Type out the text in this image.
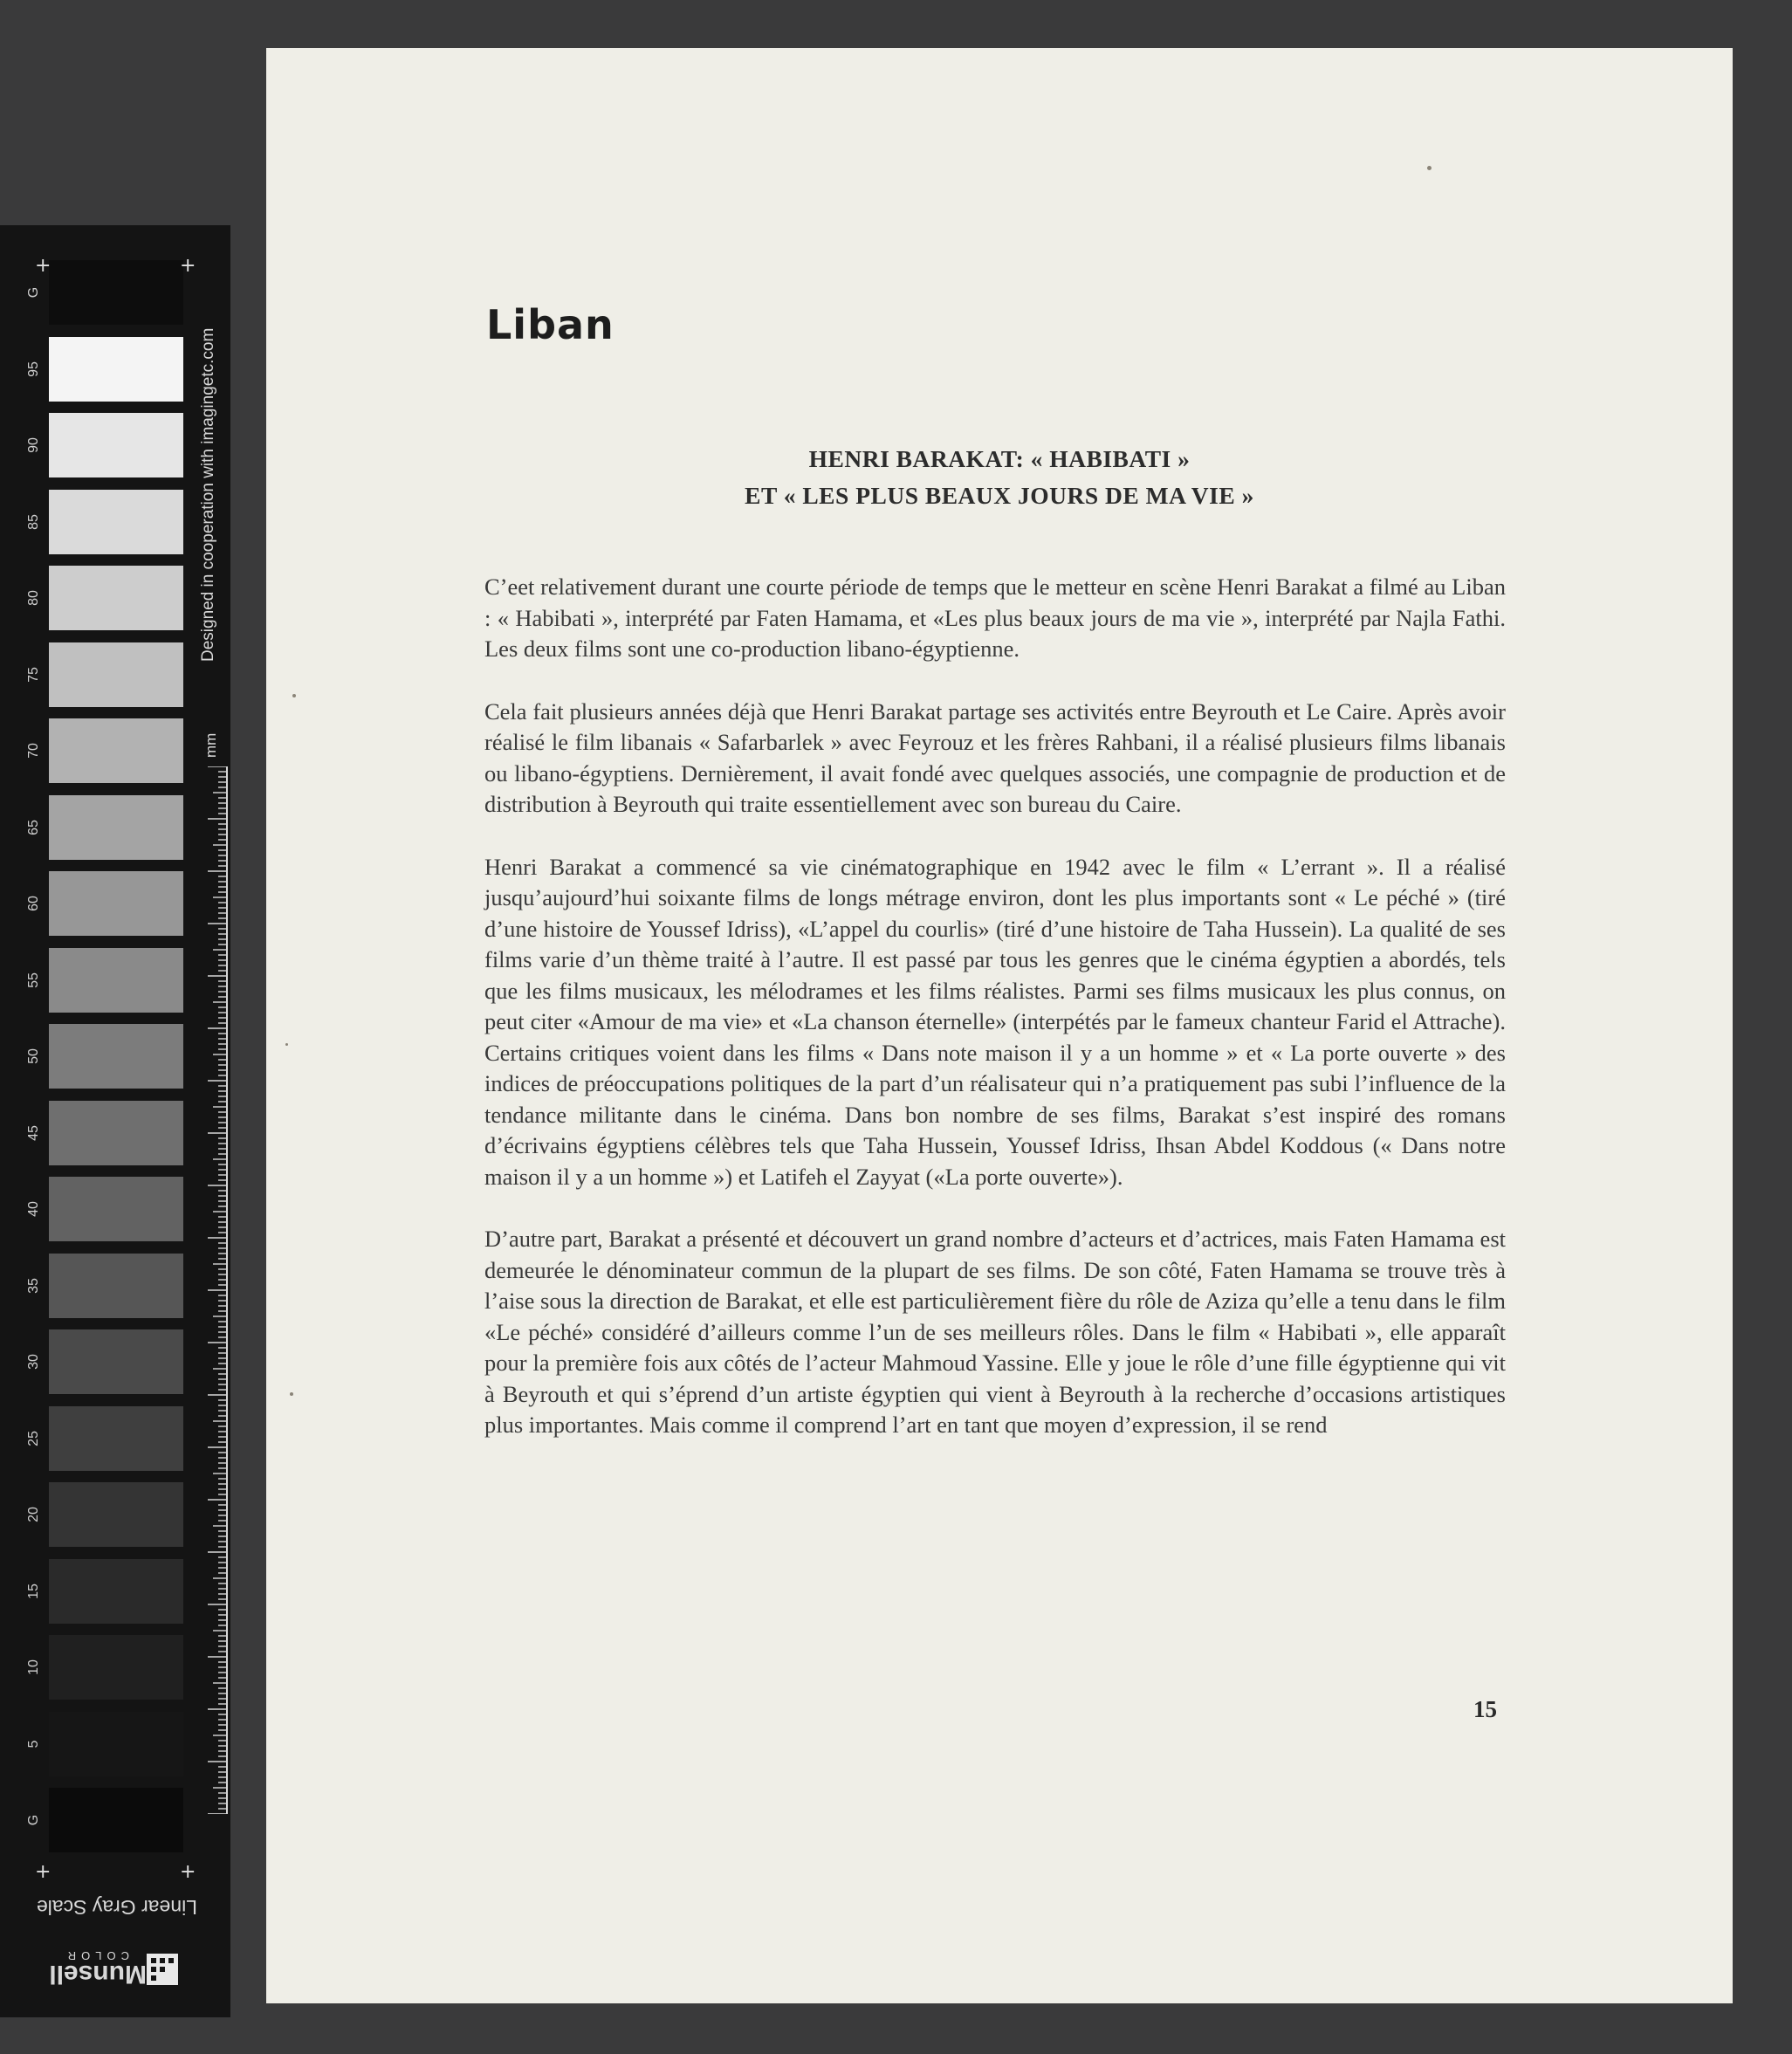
G
95
90
85
80
75
70
65
60
55
50
45
40
35
30
25
20
15
10
5
G
+	+
+	+
Designed in cooperation with imagingetc.com
mm
Linear Gray Scale
Munsell
COLOR
Liban
HENRI BARAKAT: « HABIBATI »
ET « LES PLUS BEAUX JOURS DE MA VIE »

C’eet relativement durant une courte période de temps que le metteur en scène Henri Barakat a filmé au Liban : « Habibati », interprété par Faten Hamama, et «Les plus beaux jours de ma vie », interprété par Najla Fathi. Les deux films sont une co-production libano-égyptienne.

Cela fait plusieurs années déjà que Henri Barakat partage ses activités entre Beyrouth et Le Caire. Après avoir réalisé le film libanais « Safarbarlek » avec Feyrouz et les frères Rahbani, il a réalisé plusieurs films libanais ou libano-égyptiens. Dernièrement, il avait fondé avec quelques associés, une compagnie de production et de distribution à Beyrouth qui traite essentiellement avec son bureau du Caire.

Henri Barakat a commencé sa vie cinématographique en 1942 avec le film « L’errant ». Il a réalisé jusqu’aujourd’hui soixante films de longs métrage environ, dont les plus importants sont « Le péché » (tiré d’une histoire de Youssef Idriss), «L’appel du courlis» (tiré d’une histoire de Taha Hussein). La qualité de ses films varie d’un thème traité à l’autre. Il est passé par tous les genres que le cinéma égyptien a abordés, tels que les films musicaux, les mélodrames et les films réalistes. Parmi ses films musicaux les plus connus, on peut citer «Amour de ma vie» et «La chanson éternelle» (interpétés par le fameux chanteur Farid el Attrache). Certains critiques voient dans les films « Dans note maison il y a un homme » et « La porte ouverte » des indices de préoccupations politiques de la part d’un réalisateur qui n’a pratiquement pas subi l’influence de la tendance militante dans le cinéma. Dans bon nombre de ses films, Barakat s’est inspiré des romans d’écrivains égyptiens célèbres tels que Taha Hussein, Youssef Idriss, Ihsan Abdel Koddous (« Dans notre maison il y a un homme ») et Latifeh el Zayyat («La porte ouverte»).

D’autre part, Barakat a présenté et découvert un grand nombre d’acteurs et d’actrices, mais Faten Hamama est demeurée le dénominateur commun de la plupart de ses films. De son côté, Faten Hamama se trouve très à l’aise sous la direction de Barakat, et elle est particulièrement fière du rôle de Aziza qu’elle a tenu dans le film «Le péché» considéré d’ailleurs comme l’un de ses meilleurs rôles. Dans le film « Habibati », elle apparaît pour la première fois aux côtés de l’acteur Mahmoud Yassine. Elle y joue le rôle d’une fille égyptienne qui vit à Beyrouth et qui s’éprend d’un artiste égyptien qui vient à Beyrouth à la recherche d’occasions artistiques plus importantes. Mais comme il comprend l’art en tant que moyen d’expression, il se rend

15
